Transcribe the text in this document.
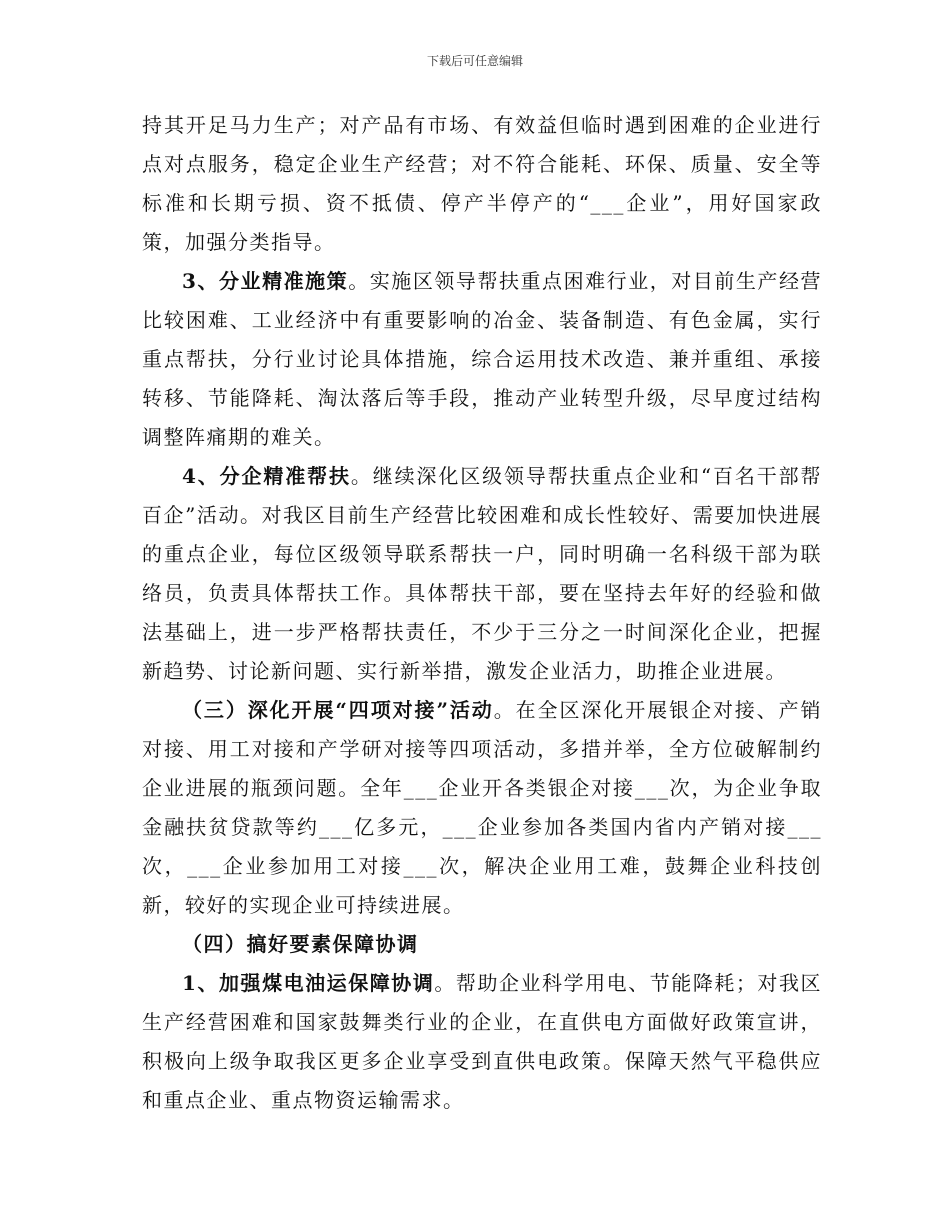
下载后可任意编辑

持其开足马力生产；对产品有市场、有效益但临时遇到困难的企业进行点对点服务，稳定企业生产经营；对不符合能耗、环保、质量、安全等标准和长期亏损、资不抵债、停产半停产的“___企业”，用好国家政策，加强分类指导。

3、分业精准施策。实施区领导帮扶重点困难行业，对目前生产经营比较困难、工业经济中有重要影响的冶金、装备制造、有色金属，实行重点帮扶，分行业讨论具体措施，综合运用技术改造、兼并重组、承接转移、节能降耗、淘汰落后等手段，推动产业转型升级，尽早度过结构调整阵痛期的难关。

4、分企精准帮扶。继续深化区级领导帮扶重点企业和“百名干部帮百企”活动。对我区目前生产经营比较困难和成长性较好、需要加快进展的重点企业，每位区级领导联系帮扶一户，同时明确一名科级干部为联络员，负责具体帮扶工作。具体帮扶干部，要在坚持去年好的经验和做法基础上，进一步严格帮扶责任，不少于三分之一时间深化企业，把握新趋势、讨论新问题、实行新举措，激发企业活力，助推企业进展。

（三）深化开展“四项对接”活动。在全区深化开展银企对接、产销对接、用工对接和产学研对接等四项活动，多措并举，全方位破解制约企业进展的瓶颈问题。全年___企业开各类银企对接___次，为企业争取金融扶贫贷款等约___亿多元，___企业参加各类国内省内产销对接___次，___企业参加用工对接___次，解决企业用工难，鼓舞企业科技创新，较好的实现企业可持续进展。

（四）搞好要素保障协调

1、加强煤电油运保障协调。帮助企业科学用电、节能降耗；对我区生产经营困难和国家鼓舞类行业的企业，在直供电方面做好政策宣讲，积极向上级争取我区更多企业享受到直供电政策。保障天然气平稳供应和重点企业、重点物资运输需求。
